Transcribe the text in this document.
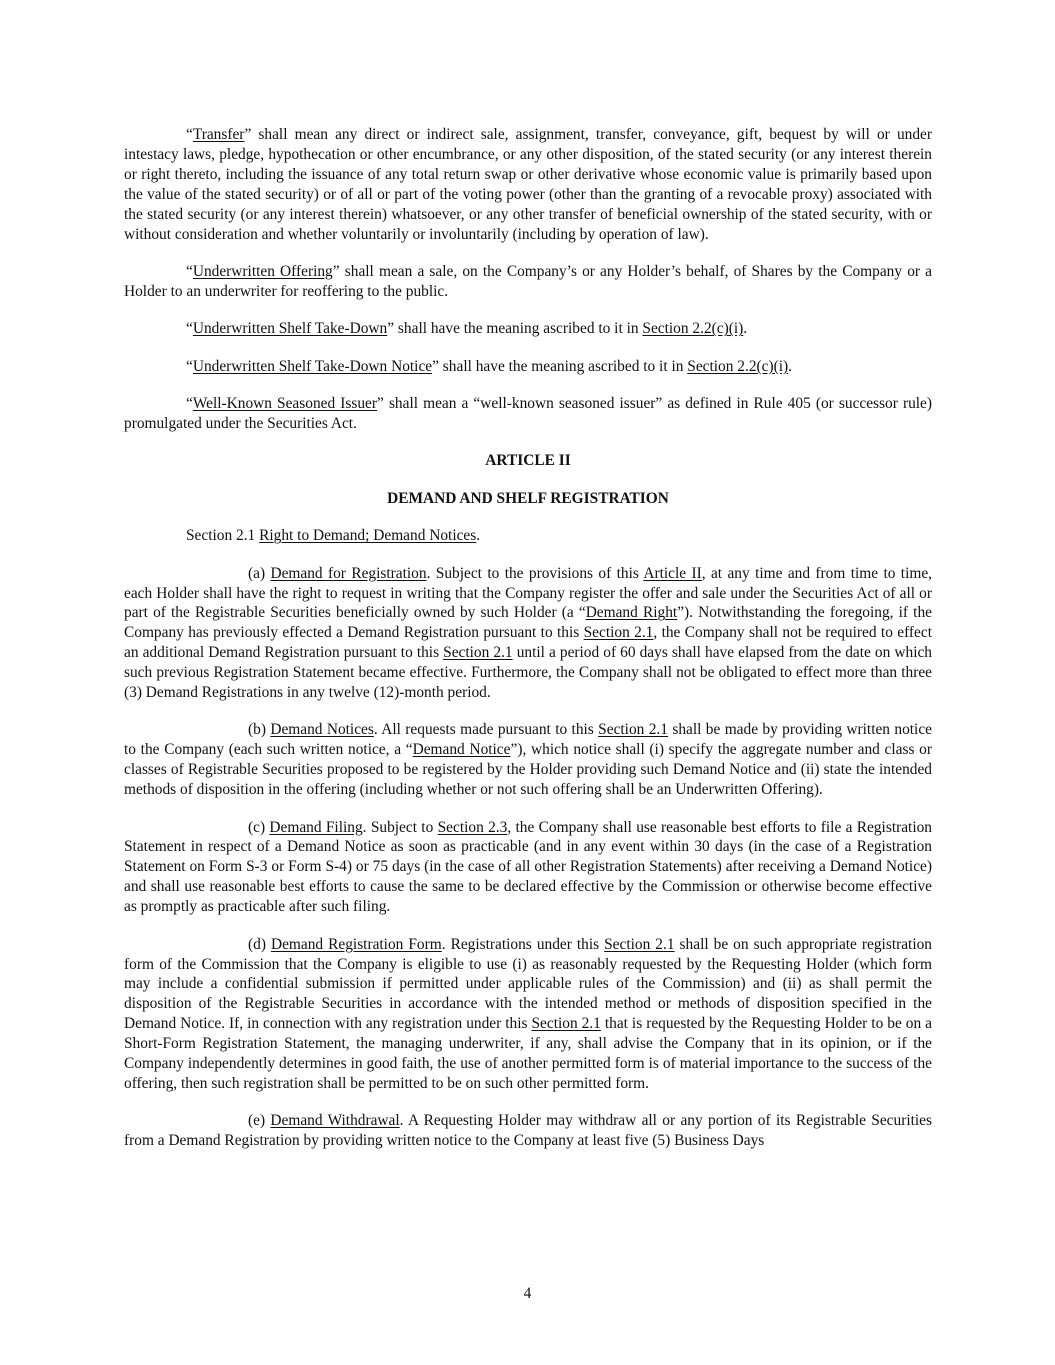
“Transfer” shall mean any direct or indirect sale, assignment, transfer, conveyance, gift, bequest by will or under intestacy laws, pledge, hypothecation or other encumbrance, or any other disposition, of the stated security (or any interest therein or right thereto, including the issuance of any total return swap or other derivative whose economic value is primarily based upon the value of the stated security) or of all or part of the voting power (other than the granting of a revocable proxy) associated with the stated security (or any interest therein) whatsoever, or any other transfer of beneficial ownership of the stated security, with or without consideration and whether voluntarily or involuntarily (including by operation of law).

“Underwritten Offering” shall mean a sale, on the Company’s or any Holder’s behalf, of Shares by the Company or a Holder to an underwriter for reoffering to the public.

“Underwritten Shelf Take-Down” shall have the meaning ascribed to it in Section 2.2(c)(i).

“Underwritten Shelf Take-Down Notice” shall have the meaning ascribed to it in Section 2.2(c)(i).

“Well-Known Seasoned Issuer” shall mean a “well-known seasoned issuer” as defined in Rule 405 (or successor rule) promulgated under the Securities Act.

ARTICLE II

DEMAND AND SHELF REGISTRATION

Section 2.1 Right to Demand; Demand Notices.

(a) Demand for Registration. Subject to the provisions of this Article II, at any time and from time to time, each Holder shall have the right to request in writing that the Company register the offer and sale under the Securities Act of all or part of the Registrable Securities beneficially owned by such Holder (a “Demand Right”). Notwithstanding the foregoing, if the Company has previously effected a Demand Registration pursuant to this Section 2.1, the Company shall not be required to effect an additional Demand Registration pursuant to this Section 2.1 until a period of 60 days shall have elapsed from the date on which such previous Registration Statement became effective. Furthermore, the Company shall not be obligated to effect more than three (3) Demand Registrations in any twelve (12)-month period.

(b) Demand Notices. All requests made pursuant to this Section 2.1 shall be made by providing written notice to the Company (each such written notice, a “Demand Notice”), which notice shall (i) specify the aggregate number and class or classes of Registrable Securities proposed to be registered by the Holder providing such Demand Notice and (ii) state the intended methods of disposition in the offering (including whether or not such offering shall be an Underwritten Offering).

(c) Demand Filing. Subject to Section 2.3, the Company shall use reasonable best efforts to file a Registration Statement in respect of a Demand Notice as soon as practicable (and in any event within 30 days (in the case of a Registration Statement on Form S-3 or Form S-4) or 75 days (in the case of all other Registration Statements) after receiving a Demand Notice) and shall use reasonable best efforts to cause the same to be declared effective by the Commission or otherwise become effective as promptly as practicable after such filing.

(d) Demand Registration Form. Registrations under this Section 2.1 shall be on such appropriate registration form of the Commission that the Company is eligible to use (i) as reasonably requested by the Requesting Holder (which form may include a confidential submission if permitted under applicable rules of the Commission) and (ii) as shall permit the disposition of the Registrable Securities in accordance with the intended method or methods of disposition specified in the Demand Notice. If, in connection with any registration under this Section 2.1 that is requested by the Requesting Holder to be on a Short-Form Registration Statement, the managing underwriter, if any, shall advise the Company that in its opinion, or if the Company independently determines in good faith, the use of another permitted form is of material importance to the success of the offering, then such registration shall be permitted to be on such other permitted form.

(e) Demand Withdrawal. A Requesting Holder may withdraw all or any portion of its Registrable Securities from a Demand Registration by providing written notice to the Company at least five (5) Business Days

4
